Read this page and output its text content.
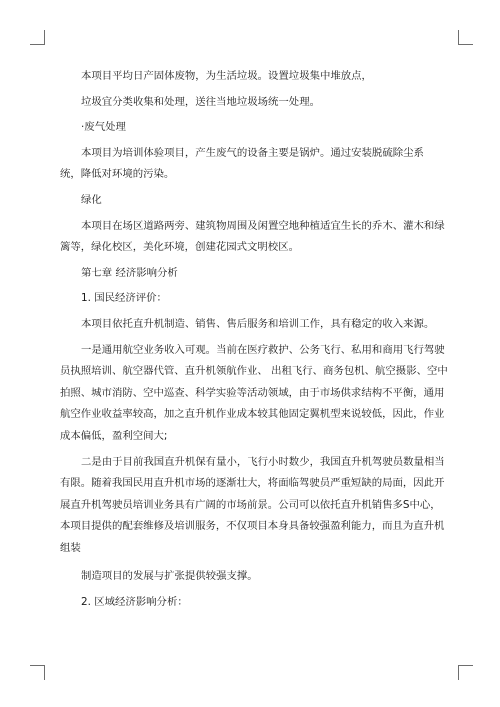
本项目平均日产固体废物，为生活垃圾。设置垃圾集中堆放点，

垃圾宜分类收集和处理，送往当地垃圾场统一处理。

·废气处理

本项目为培训体验项目，产生废气的设备主要是锅炉。通过安装脱硫除尘系

统，降低对环境的污染。

绿化

本项目在场区道路两旁、建筑物周围及闲置空地种植适宜生长的乔木、灌木和绿

篱等，绿化校区，美化环境，创建花园式文明校区。

第七章 经济影响分析

1. 国民经济评价：

本项目依托直升机制造、销售、售后服务和培训工作，具有稳定的收入来源。

一是通用航空业务收入可观。当前在医疗救护、公务飞行、私用和商用飞行驾驶

员执照培训、航空器代管、直升机领航作业、 出租飞行、商务包机、航空摄影、空中

拍照、城市消防、空中巡查、科学实验等活动领域，由于市场供求结构不平衡，通用

航空作业收益率较高，加之直升机作业成本较其他固定翼机型来说较低，因此，作业

成本偏低，盈利空间大;

二是由于目前我国直升机保有量小，飞行小时数少，我国直升机驾驶员数量相当

有限。随着我国民用直升机市场的逐渐壮大，将面临驾驶员严重短缺的局面，因此开

展直升机驾驶员培训业务具有广阔的市场前景。公司可以依托直升机销售多S中心，

本项目提供的配套维修及培训服务，不仅项目本身具备较强盈利能力，而且为直升机

组装

制造项目的发展与扩张提供较强支撑。

2. 区域经济影响分析：
